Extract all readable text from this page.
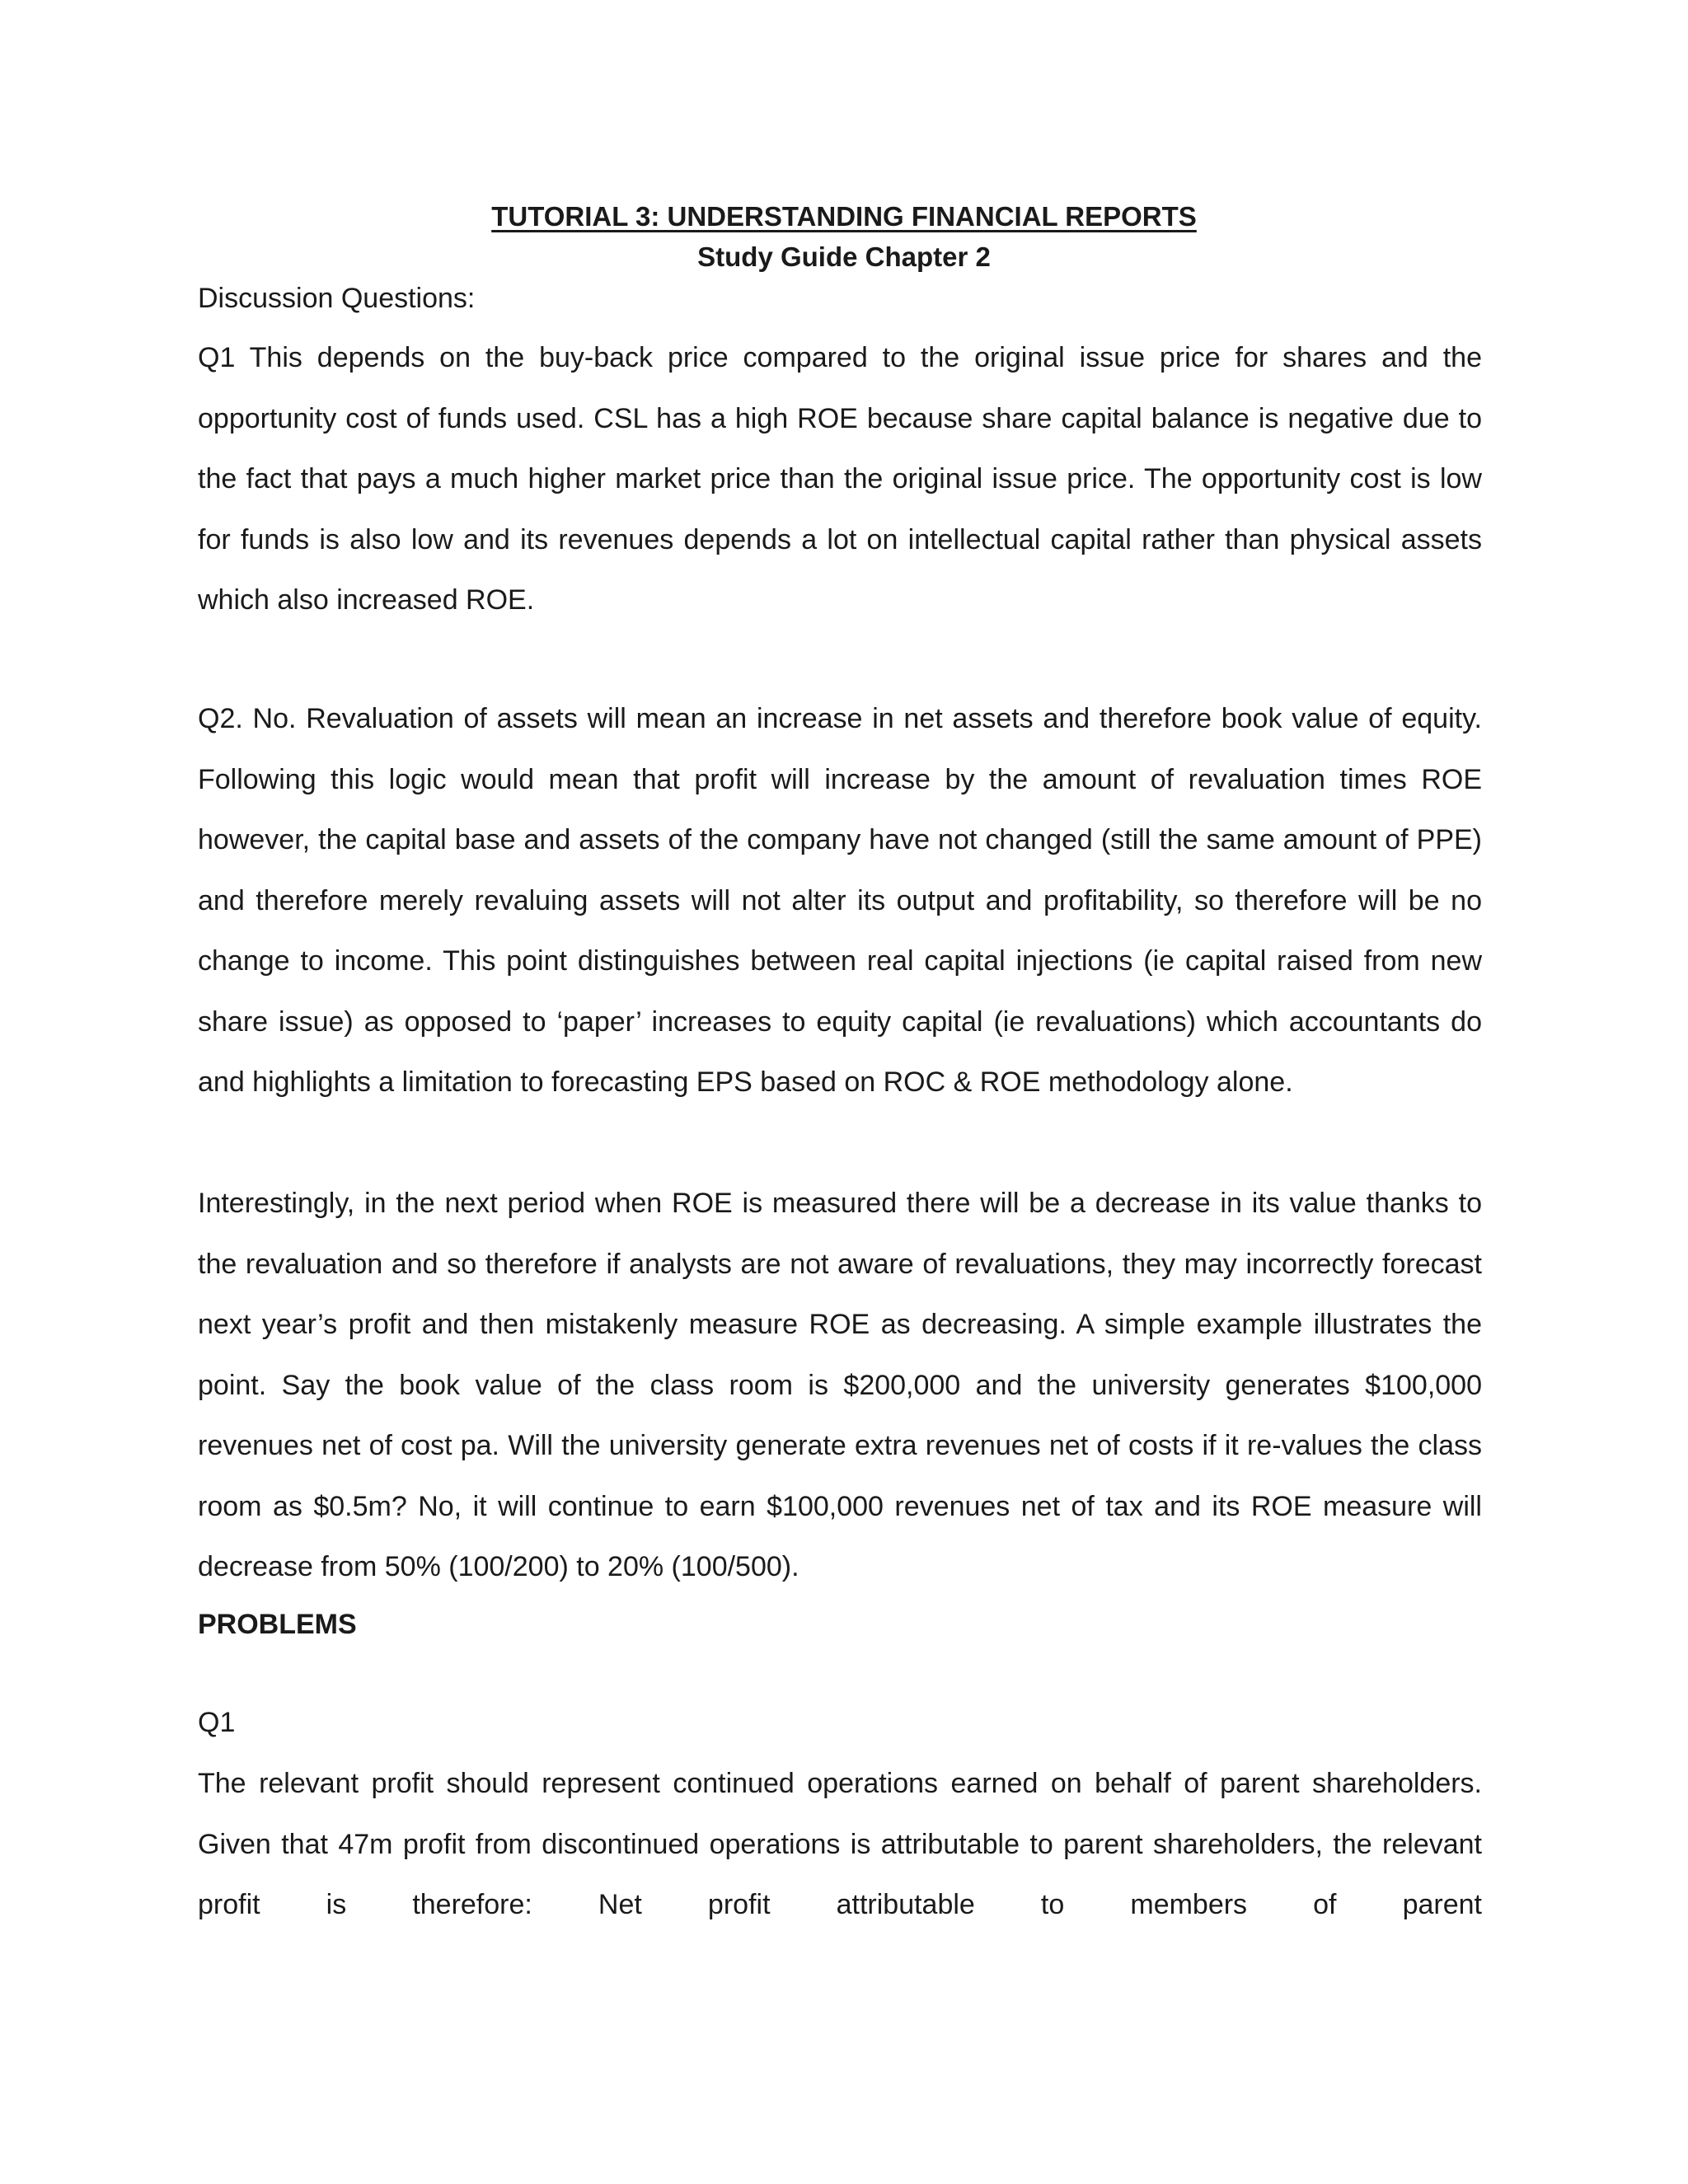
TUTORIAL 3: UNDERSTANDING FINANCIAL REPORTS

Study Guide Chapter 2

Discussion Questions:

Q1 This depends on the buy-back price compared to the original issue price for shares and the opportunity cost of funds used. CSL has a high ROE because share capital balance is negative due to the fact that pays a much higher market price than the original issue price. The opportunity cost is low for funds is also low and its revenues depends a lot on intellectual capital rather than physical assets which also increased ROE.

Q2. No. Revaluation of assets will mean an increase in net assets and therefore book value of equity. Following this logic would mean that profit will increase by the amount of revaluation times ROE however, the capital base and assets of the company have not changed (still the same amount of PPE) and therefore merely revaluing assets will not alter its output and profitability, so therefore will be no change to income. This point distinguishes between real capital injections (ie capital raised from new share issue) as opposed to ‘paper’ increases to equity capital (ie revaluations) which accountants do and highlights a limitation to forecasting EPS based on ROC & ROE methodology alone.

Interestingly, in the next period when ROE is measured there will be a decrease in its value thanks to the revaluation and so therefore if analysts are not aware of revaluations, they may incorrectly forecast next year’s profit and then mistakenly measure ROE as decreasing. A simple example illustrates the point. Say the book value of the class room is $200,000 and the university generates $100,000 revenues net of cost pa. Will the university generate extra revenues net of costs if it re-values the class room as $0.5m? No, it will continue to earn $100,000 revenues net of tax and its ROE measure will decrease from 50% (100/200) to 20% (100/500).

PROBLEMS

Q1

The relevant profit should represent continued operations earned on behalf of parent shareholders. Given that 47m profit from discontinued operations is attributable to parent shareholders, the relevant profit is therefore: Net profit attributable to members of parent
